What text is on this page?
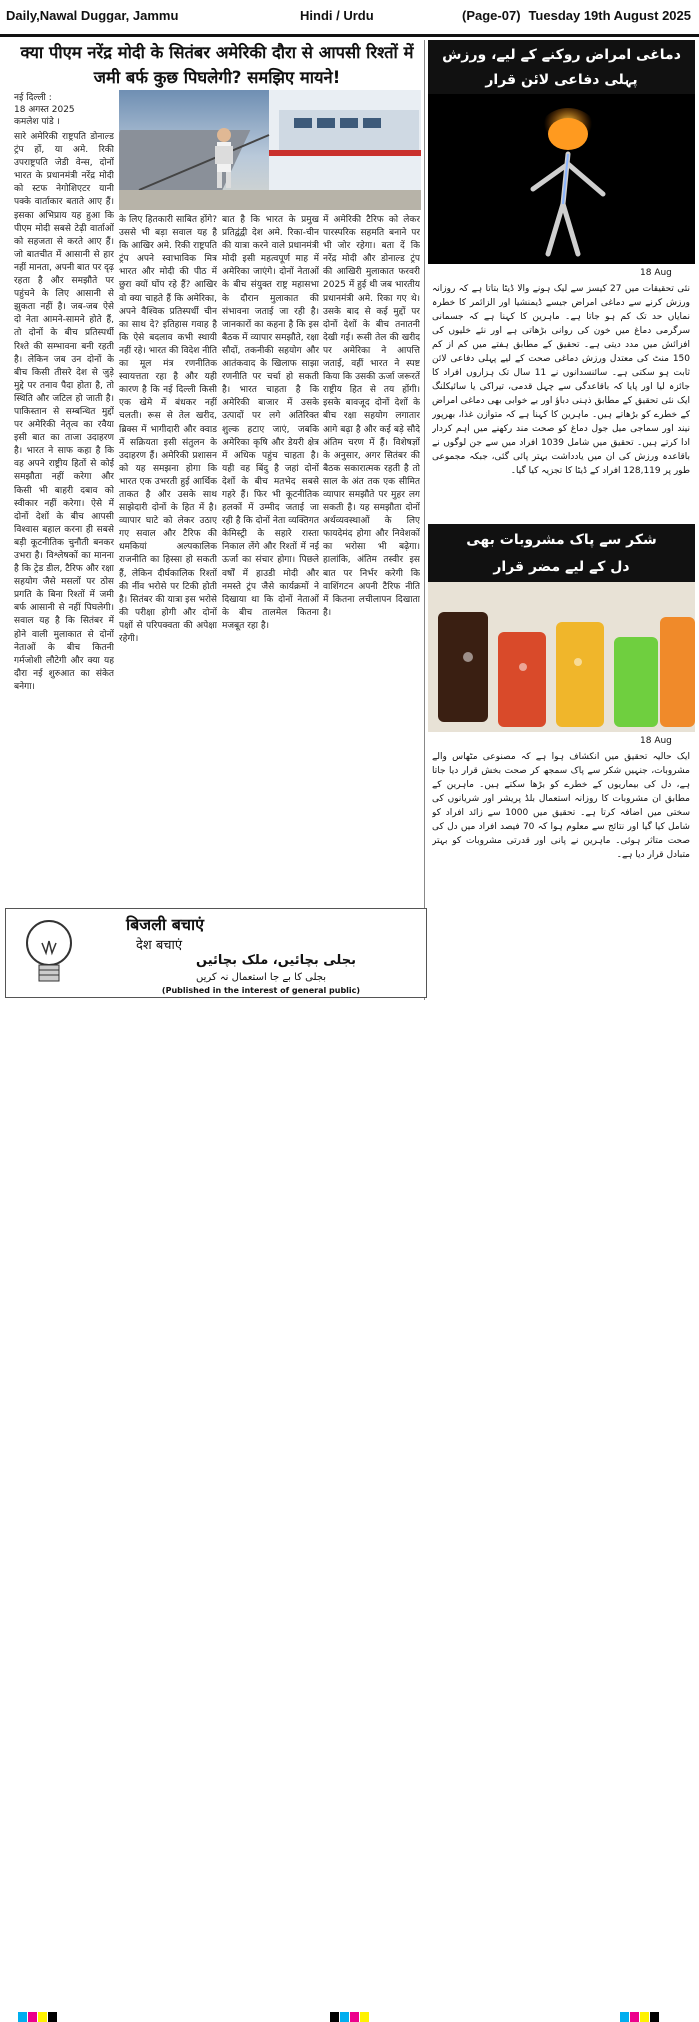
Daily,Nawal Duggar, Jammu	Hindi / Urdu	(Page-07) Tuesday 19th August 2025
क्या पीएम नरेंद्र मोदी के सितंबर अमेरिकी दौरा से आपसी रिश्तों में जमी बर्फ कुछ पिघलेगी? समझिए मायने!
नई दिल्ली :
18 अगस्त 2025
कमलेश पांडे ।

सारे अमेरिकी राष्ट्रपति डोनाल्ड ट्रंप हों, या अमे. रिकी उपराष्ट्रपति जेडी वेन्स, दोनों भारत के प्रधानमंत्री नरेंद्र मोदी को स्टफ नेगोशिएटर यानी पक्के वार्ताकार बताते आए हैं। इसका अभिप्राय यह हुआ कि पीएम मोदी सबसे टेढ़ी वार्ताओं को सहजता से करते आए हैं। जो बातचीत में आसानी से हार नहीं मानता, अपनी बात पर दृढ़ रहता है और समझौते पर पहुंचने के लिए आसानी से झुकता नहीं है। जब-जब ऐसे दो नेता आमने-सामने होते हैं, तो दोनों के बीच प्रतिस्पर्धी रिश्ते की सम्भावना बनी रहती है। लेकिन जब उन दोनों के बीच किसी तीसरे देश से जुड़े मुद्दे पर तनाव पैदा होता है, तो स्थिति और जटिल हो जाती है। पाकिस्तान से सम्बन्धित मुद्दों पर अमेरिकी नेतृत्व का रवैया इसी बात का ताजा उदाहरण है। भारत ने साफ कहा है कि वह अपने राष्ट्रीय हितों से कोई समझौता नहीं करेगा और किसी भी बाहरी दबाव को स्वीकार नहीं करेगा। ऐसे में दोनों देशों के बीच आपसी विश्वास बहाल करना ही सबसे बड़ी कूटनीतिक चुनौती बनकर उभरा है। विश्लेषकों का मानना है कि ट्रेड डील, टैरिफ और रक्षा सहयोग जैसे मसलों पर ठोस प्रगति के बिना रिश्तों में जमी बर्फ आसानी से नहीं पिघलेगी। सवाल यह है कि सितंबर में होने वाली मुलाकात से दोनों नेताओं के बीच कितनी गर्मजोशी लौटेगी और क्या यह दौरा नई शुरुआत का संकेत बनेगा।

के लिए हितकारी साबित होंगे? उससे भी बड़ा सवाल यह है कि आखिर अमे. रिकी राष्ट्रपति ट्रंप अपने स्वाभाविक मित्र भारत और मोदी की पीठ में छुरा क्यों घोंप रहे हैं? आखिर वो क्या चाहते हैं कि अमेरिका, अपने वैश्विक प्रतिस्पर्धी चीन का साथ दे? इतिहास गवाह है कि ऐसे बदलाव कभी स्थायी नहीं रहे। भारत की विदेश नीति का मूल मंत्र रणनीतिक स्वायत्तता रहा है और यही कारण है कि नई दिल्ली किसी एक खेमे में बंधकर नहीं चलती। रूस से तेल खरीद, ब्रिक्स में भागीदारी और क्वाड में सक्रियता इसी संतुलन के उदाहरण हैं। अमेरिकी प्रशासन को यह समझना होगा कि भारत एक उभरती हुई आर्थिक ताकत है और उसके साथ साझेदारी दोनों के हित में है। व्यापार घाटे को लेकर उठाए गए सवाल और टैरिफ की धमकियां अल्पकालिक राजनीति का हिस्सा हो सकती हैं, लेकिन दीर्घकालिक रिश्तों की नींव भरोसे पर टिकी होती है। सितंबर की यात्रा इस भरोसे की परीक्षा होगी और दोनों पक्षों से परिपक्वता की अपेक्षा रहेगी।

बात है कि भारत के प्रमुख प्रतिद्वंद्वी देश अमे. रिका-चीन की यात्रा करने वाले प्रधानमंत्री मोदी इसी महत्वपूर्ण माह में अमेरिका जाएंगे। दोनों नेताओं के बीच संयुक्त राष्ट्र महासभा के दौरान मुलाकात की संभावना जताई जा रही है। जानकारों का कहना है कि इस बैठक में व्यापार समझौते, रक्षा सौदों, तकनीकी सहयोग और आतंकवाद के खिलाफ साझा रणनीति पर चर्चा हो सकती है। भारत चाहता है कि अमेरिकी बाजार में उसके उत्पादों पर लगे अतिरिक्त शुल्क हटाए जाएं, जबकि अमेरिका कृषि और डेयरी क्षेत्र में अधिक पहुंच चाहता है। यही वह बिंदु है जहां दोनों देशों के बीच मतभेद सबसे गहरे हैं। फिर भी कूटनीतिक हलकों में उम्मीद जताई जा रही है कि दोनों नेता व्यक्तिगत केमिस्ट्री के सहारे रास्ता निकाल लेंगे और रिश्तों में नई ऊर्जा का संचार होगा। पिछले वर्षों में हाउडी मोदी और नमस्ते ट्रंप जैसे कार्यक्रमों ने दिखाया था कि दोनों नेताओं के बीच तालमेल कितना मजबूत रहा है।

में अमेरिकी टैरिफ को लेकर पारस्परिक सहमति बनाने पर भी जोर रहेगा। बता दें कि नरेंद्र मोदी और डोनाल्ड ट्रंप की आखिरी मुलाकात फरवरी 2025 में हुई थी जब भारतीय प्रधानमंत्री अमे. रिका गए थे। उसके बाद से कई मुद्दों पर दोनों देशों के बीच तनातनी देखी गई। रूसी तेल की खरीद पर अमेरिका ने आपत्ति जताई, वहीं भारत ने स्पष्ट किया कि उसकी ऊर्जा जरूरतें राष्ट्रीय हित से तय होंगी। इसके बावजूद दोनों देशों के बीच रक्षा सहयोग लगातार आगे बढ़ा है और कई बड़े सौदे अंतिम चरण में हैं। विशेषज्ञों के अनुसार, अगर सितंबर की बैठक सकारात्मक रहती है तो साल के अंत तक एक सीमित व्यापार समझौते पर मुहर लग सकती है। यह समझौता दोनों अर्थव्यवस्थाओं के लिए फायदेमंद होगा और निवेशकों का भरोसा भी बढ़ेगा। हालांकि, अंतिम तस्वीर इस बात पर निर्भर करेगी कि वाशिंगटन अपनी टैरिफ नीति में कितना लचीलापन दिखाता है।

دماغی امراض روکنے کے لیے، ورزش
پہلی دفاعی لائن قرار
18 Aug
نئی تحقیقات میں 27 کیسز سے لیک ہونے والا ڈیٹا بتاتا ہے کہ روزانہ ورزش کرنے سے دماغی امراض جیسے ڈیمنشیا اور الزائمر کا خطرہ نمایاں حد تک کم ہو جاتا ہے۔ ماہرین کا کہنا ہے کہ جسمانی سرگرمی دماغ میں خون کی روانی بڑھاتی ہے اور نئے خلیوں کی افزائش میں مدد دیتی ہے۔ تحقیق کے مطابق ہفتے میں کم از کم 150 منٹ کی معتدل ورزش دماغی صحت کے لیے پہلی دفاعی لائن ثابت ہو سکتی ہے۔ سائنسدانوں نے 11 سال تک ہزاروں افراد کا جائزہ لیا اور پایا کہ باقاعدگی سے چہل قدمی، تیراکی یا سائیکلنگ
ایک نئی تحقیق کے مطابق ذہنی دباؤ اور بے خوابی بھی دماغی امراض کے خطرے کو بڑھاتے ہیں۔ ماہرین کا کہنا ہے کہ متوازن غذا، بھرپور نیند اور سماجی میل جول دماغ کو صحت مند رکھنے میں اہم کردار ادا کرتے ہیں۔ تحقیق میں شامل 1039 افراد میں سے جن لوگوں نے باقاعدہ ورزش کی ان میں یادداشت بہتر پائی گئی، جبکہ مجموعی طور پر 128,119 افراد کے ڈیٹا کا تجزیہ کیا گیا۔
شکر سے پاک مشروبات بھی
دل کے لیے مضر قرار
18 Aug
ایک حالیہ تحقیق میں انکشاف ہوا ہے کہ مصنوعی مٹھاس والے مشروبات، جنہیں شکر سے پاک سمجھ کر صحت بخش قرار دیا جاتا ہے، دل کی بیماریوں کے خطرے کو بڑھا سکتے ہیں۔ ماہرین کے مطابق ان مشروبات کا روزانہ استعمال بلڈ پریشر اور شریانوں کی سختی میں اضافہ کرتا ہے۔ تحقیق میں 1000 سے زائد افراد کو شامل کیا گیا اور نتائج سے معلوم ہوا کہ 70 فیصد افراد میں دل کی صحت متاثر ہوئی۔ ماہرین نے پانی اور قدرتی مشروبات کو بہتر متبادل قرار دیا ہے۔
बिजली बचाएं
देश बचाएं
بجلی بچائیں، ملک بچائیں
بجلی کا بے جا استعمال نہ کریں
(Published in the interest of general public)
